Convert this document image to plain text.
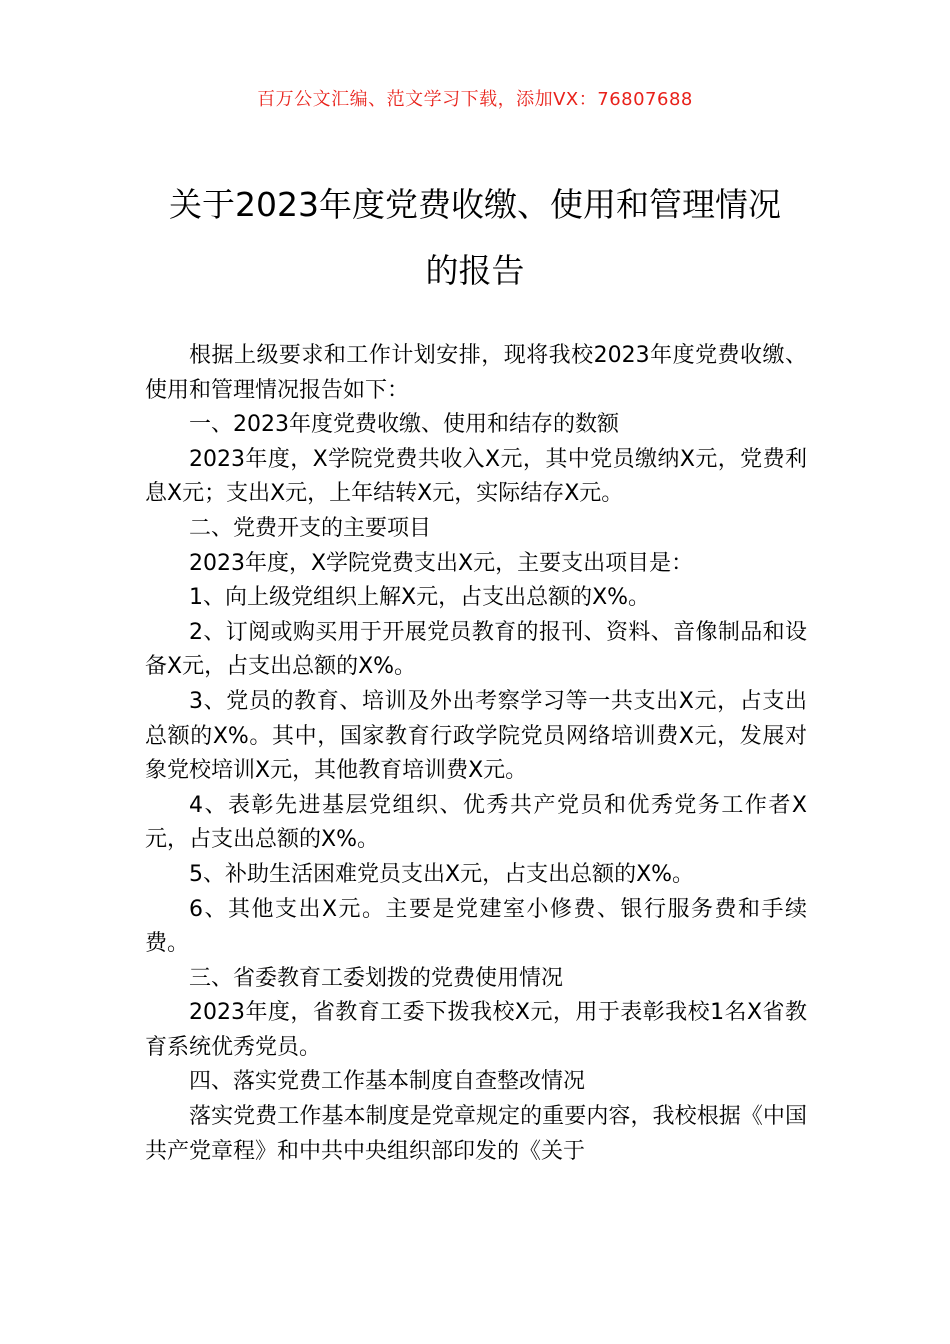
百万公文汇编、范文学习下载，添加VX：76807688
关于2023年度党费收缴、使用和管理情况
的报告

根据上级要求和工作计划安排，现将我校2023年度党费收缴、使用和管理情况报告如下：

一、2023年度党费收缴、使用和结存的数额

2023年度，X学院党费共收入X元，其中党员缴纳X元，党费利息X元；支出X元，上年结转X元，实际结存X元。

二、党费开支的主要项目

2023年度，X学院党费支出X元，主要支出项目是：

1、向上级党组织上解X元，占支出总额的X%。

2、订阅或购买用于开展党员教育的报刊、资料、音像制品和设备X元，占支出总额的X%。

3、党员的教育、培训及外出考察学习等一共支出X元，占支出总额的X%。其中，国家教育行政学院党员网络培训费X元，发展对象党校培训X元，其他教育培训费X元。

4、表彰先进基层党组织、优秀共产党员和优秀党务工作者X元，占支出总额的X%。

5、补助生活困难党员支出X元，占支出总额的X%。

6、其他支出X元。主要是党建室小修费、银行服务费和手续费。

三、省委教育工委划拨的党费使用情况

2023年度，省教育工委下拨我校X元，用于表彰我校1名X省教育系统优秀党员。

四、落实党费工作基本制度自查整改情况

落实党费工作基本制度是党章规定的重要内容，我校根据《中国共产党章程》和中共中央组织部印发的《关于
